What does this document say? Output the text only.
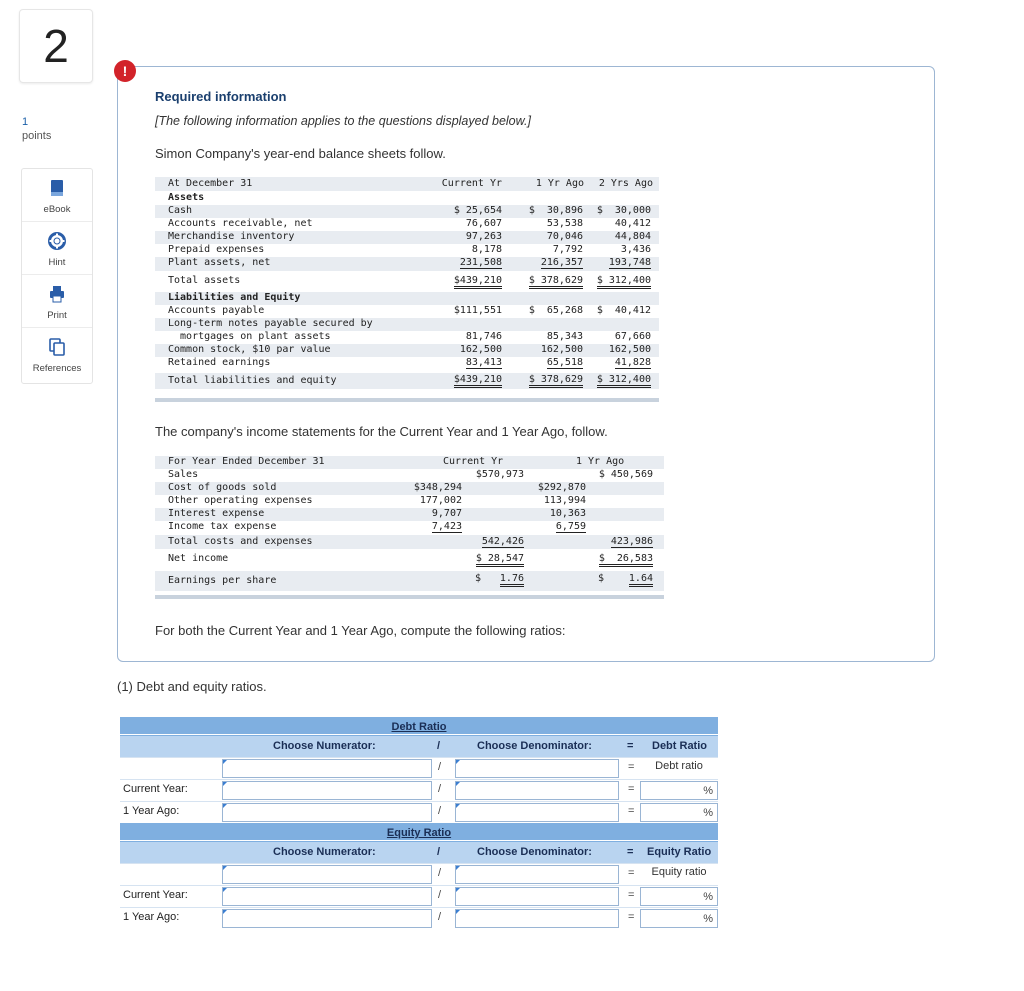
2
1
points
eBook
Hint
Print
References
!
Required information
[The following information applies to the questions displayed below.]
Simon Company's year-end balance sheets follow.
At December 31	Current Yr	1 Yr Ago 2 Yrs Ago
Assets
Cash	$ 25,654	$  30,896 $  30,000
Accounts receivable, net	76,607	53,538	40,412
Merchandise inventory	97,263	70,046	44,804
Prepaid expenses	8,178	7,792	3,436
Plant assets, net	231,508	216,357	193,748
Total assets	$439,210	$ 378,629 $ 312,400
Liabilities and Equity
Accounts payable	$111,551	$  65,268 $  40,412
Long-term notes payable secured by
mortgages on plant assets	81,746	85,343	67,660
Common stock, $10 par value	162,500	162,500	162,500
Retained earnings	83,413	65,518	41,828
Total liabilities and equity	$439,210	$ 378,629 $ 312,400
The company's income statements for the Current Year and 1 Year Ago, follow.
For Year Ended December 31	Current Yr	1 Yr Ago
Sales	$570,973	$ 450,569
Cost of goods sold	$348,294	$292,870
Other operating expenses	177,002	113,994
Interest expense	9,707	10,363
Income tax expense	7,423	6,759
Total costs and expenses	542,426	423,986
Net income	$ 28,547	$  26,583
Earnings per share	$ 1.76	$ 1.64
For both the Current Year and 1 Year Ago, compute the following ratios:
(1) Debt and equity ratios.
Debt Ratio
Choose Numerator:	/	Choose Denominator:	= Debt Ratio
/	=	Debt ratio
Current Year:	/	=	%
1 Year Ago:	/	=	%
Equity Ratio
Choose Numerator:	/	Choose Denominator:	= Equity Ratio
/	=	Equity ratio
Current Year:	/	=	%
1 Year Ago:	/	=	%
